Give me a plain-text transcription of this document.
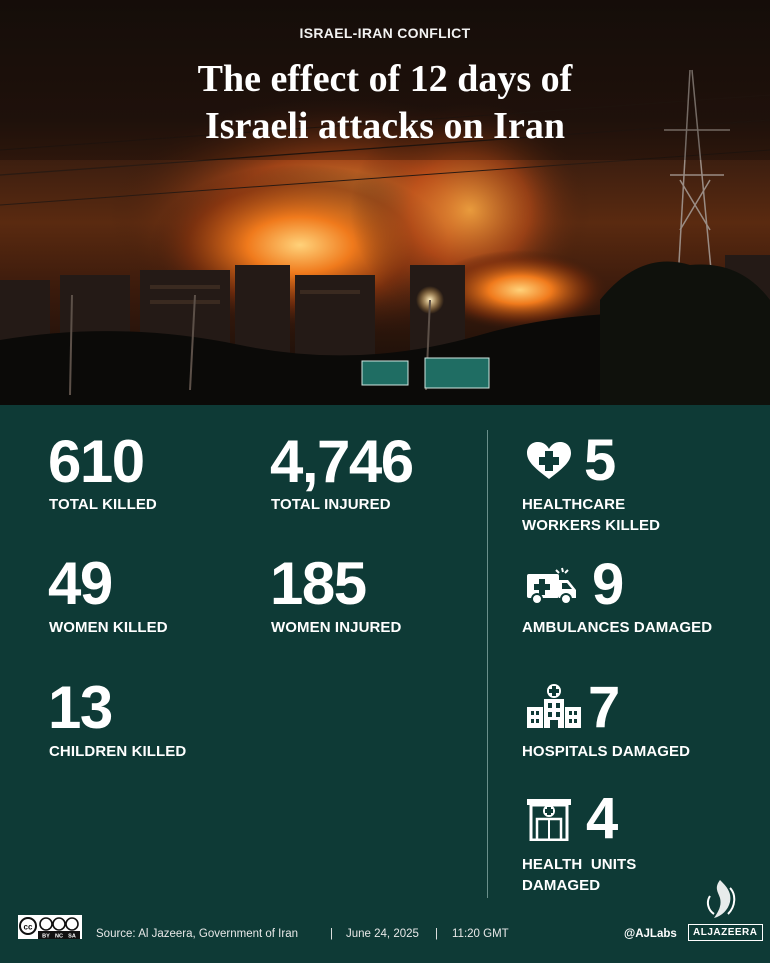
ISRAEL-IRAN CONFLICT
The effect of 12 days of
Israeli attacks on Iran
610
TOTAL KILLED
4,746
TOTAL INJURED
49
WOMEN KILLED
185
WOMEN INJURED
13
CHILDREN KILLED
5
HEALTHCARE
WORKERS KILLED
9
AMBULANCES DAMAGED
7
HOSPITALS DAMAGED
4
HEALTH  UNITS
DAMAGED
cc
BY NC SA Source: Al Jazeera, Government of Iran	| June 24, 2025 | 11:20 GMT	@AJLabs	ALJAZEERA
